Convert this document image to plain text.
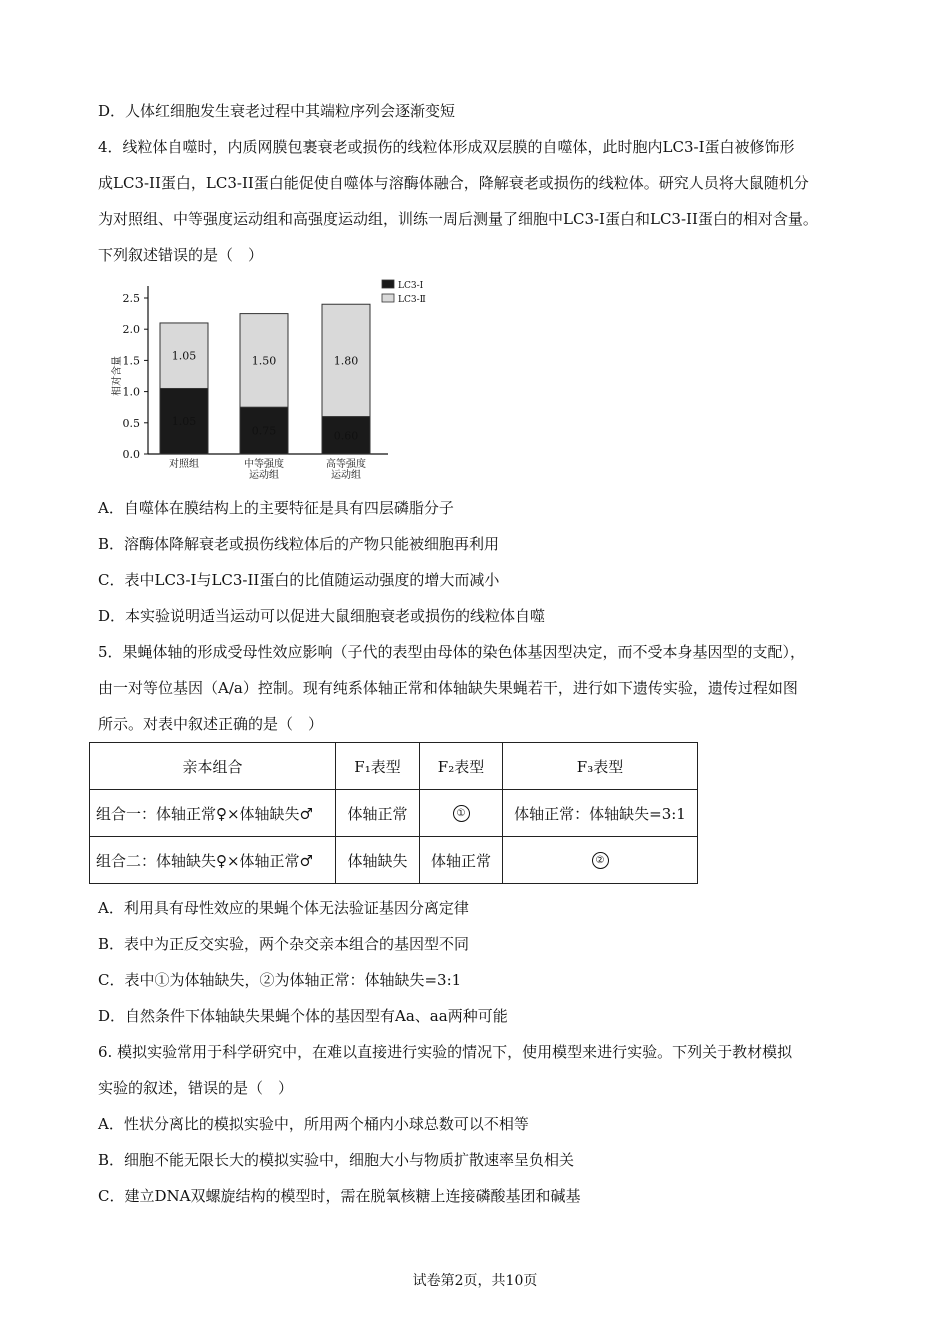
D．人体红细胞发生衰老过程中其端粒序列会逐渐变短
4．线粒体自噬时，内质网膜包裹衰老或损伤的线粒体形成双层膜的自噬体，此时胞内LC3-I蛋白被修饰形
成LC3-II蛋白，LC3-II蛋白能促使自噬体与溶酶体融合，降解衰老或损伤的线粒体。研究人员将大鼠随机分
为对照组、中等强度运动组和高强度运动组，训练一周后测量了细胞中LC3-I蛋白和LC3-II蛋白的相对含量。
下列叙述错误的是（　）
0.0
0.5
1.0
1.5
2.0
2.5
相对含量
1.05
1.05
对照组
0.75
1.50
中等强度
运动组
0.60
1.80
高等强度
运动组
LC3-Ⅰ
LC3-Ⅱ
A．自噬体在膜结构上的主要特征是具有四层磷脂分子
B．溶酶体降解衰老或损伤线粒体后的产物只能被细胞再利用
C．表中LC3-I与LC3-II蛋白的比值随运动强度的增大而减小
D．本实验说明适当运动可以促进大鼠细胞衰老或损伤的线粒体自噬
5．果蝇体轴的形成受母性效应影响（子代的表型由母体的染色体基因型决定，而不受本身基因型的支配），
由一对等位基因（A/a）控制。现有纯系体轴正常和体轴缺失果蝇若干，进行如下遗传实验，遗传过程如图
所示。对表中叙述正确的是（　）
亲本组合	F₁表型	F₂表型	F₃表型
组合一：体轴正常♀×体轴缺失♂	体轴正常	①	体轴正常：体轴缺失=3:1
组合二：体轴缺失♀×体轴正常♂	体轴缺失	体轴正常	②
A．利用具有母性效应的果蝇个体无法验证基因分离定律
B．表中为正反交实验，两个杂交亲本组合的基因型不同
C．表中①为体轴缺失，②为体轴正常：体轴缺失=3:1
D．自然条件下体轴缺失果蝇个体的基因型有Aa、aa两种可能
6. 模拟实验常用于科学研究中，在难以直接进行实验的情况下，使用模型来进行实验。下列关于教材模拟
实验的叙述，错误的是（　）
A．性状分离比的模拟实验中，所用两个桶内小球总数可以不相等
B．细胞不能无限长大的模拟实验中，细胞大小与物质扩散速率呈负相关
C．建立DNA双螺旋结构的模型时，需在脱氧核糖上连接磷酸基团和碱基
试卷第2页，共10页
